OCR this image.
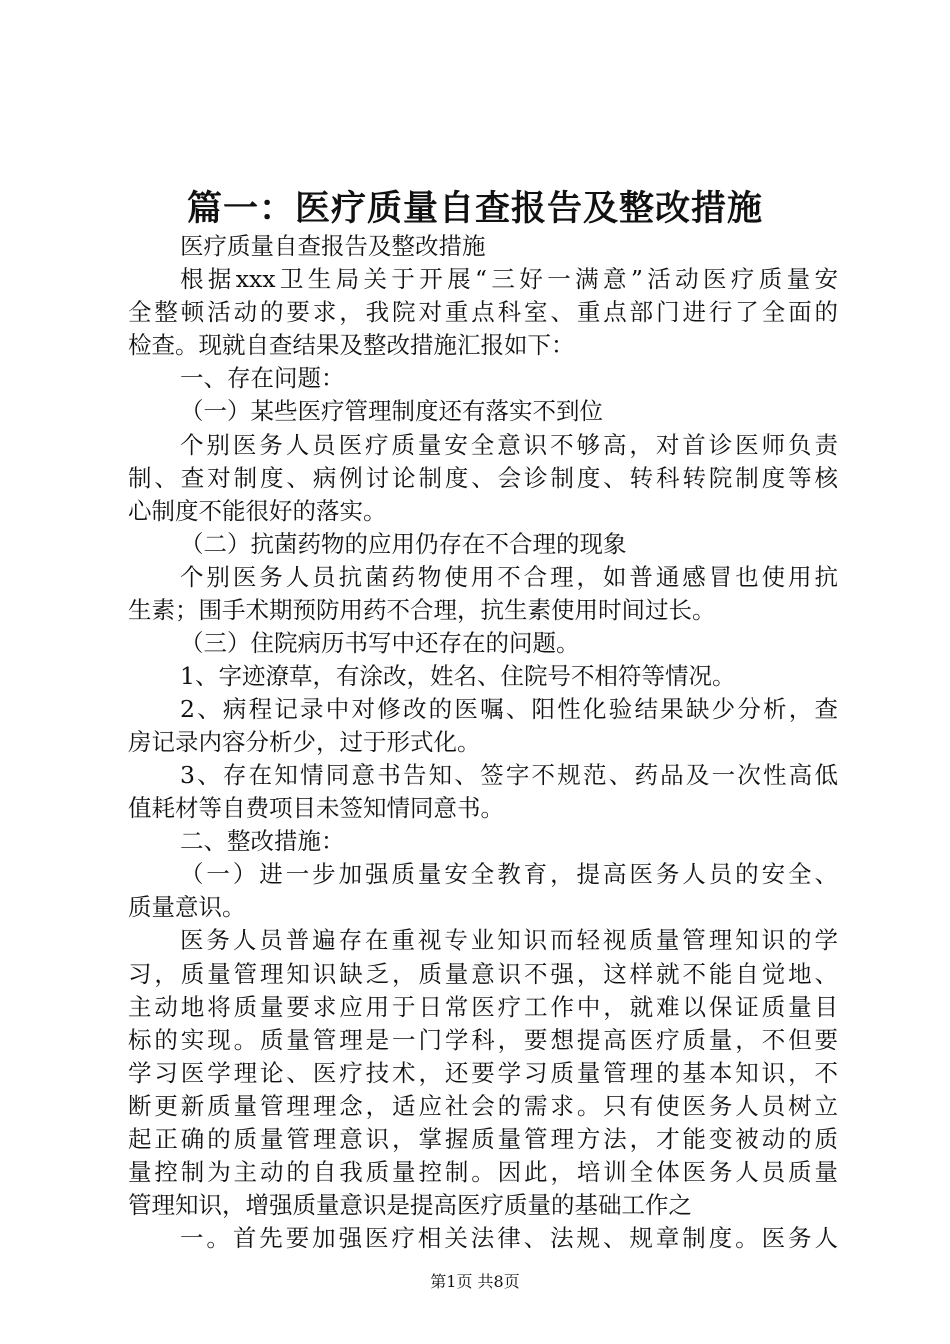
篇一：医疗质量自查报告及整改措施
医疗质量自查报告及整改措施
根据xxx卫生局关于开展“三好一满意”活动医疗质量安
全整顿活动的要求，我院对重点科室、重点部门进行了全面的
检查。现就自查结果及整改措施汇报如下：
一、存在问题：
（一）某些医疗管理制度还有落实不到位
个别医务人员医疗质量安全意识不够高，对首诊医师负责
制、查对制度、病例讨论制度、会诊制度、转科转院制度等核
心制度不能很好的落实。
（二）抗菌药物的应用仍存在不合理的现象
个别医务人员抗菌药物使用不合理，如普通感冒也使用抗
生素；围手术期预防用药不合理，抗生素使用时间过长。
（三）住院病历书写中还存在的问题。
1、字迹潦草，有涂改，姓名、住院号不相符等情况。
2、病程记录中对修改的医嘱、阳性化验结果缺少分析，查
房记录内容分析少，过于形式化。
3、存在知情同意书告知、签字不规范、药品及一次性高低
值耗材等自费项目未签知情同意书。
二、整改措施：
（一）进一步加强质量安全教育，提高医务人员的安全、
质量意识。
医务人员普遍存在重视专业知识而轻视质量管理知识的学
习，质量管理知识缺乏，质量意识不强，这样就不能自觉地、
主动地将质量要求应用于日常医疗工作中，就难以保证质量目
标的实现。质量管理是一门学科，要想提高医疗质量，不但要
学习医学理论、医疗技术，还要学习质量管理的基本知识，不
断更新质量管理理念，适应社会的需求。只有使医务人员树立
起正确的质量管理意识，掌握质量管理方法，才能变被动的质
量控制为主动的自我质量控制。因此，培训全体医务人员质量
管理知识，增强质量意识是提高医疗质量的基础工作之
一。首先要加强医疗相关法律、法规、规章制度。医务人
第1页 共8页
